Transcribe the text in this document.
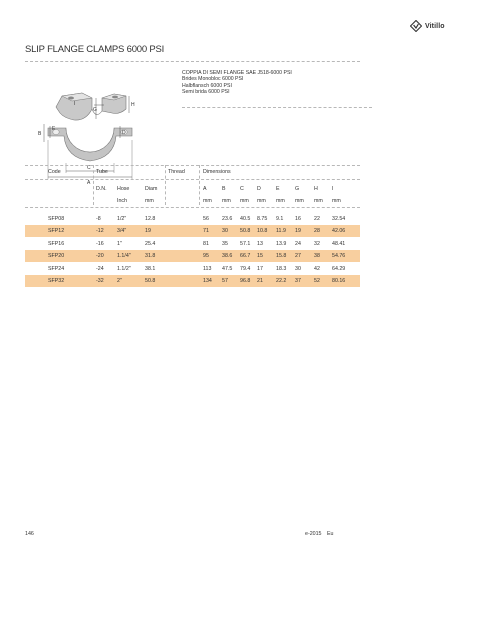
Vitillo
SLIP FLANGE CLAMPS 6000 PSI
COPPIA DI SEMI FLANGE SAE J518-6000 PSI
Brides Monobloc 6000 PSI
Halbflansch 6000 PSI
Semi brida 6000 PSI
I
G
H
E
B	D
C
A
Code	Tube	Thread	Dimensions
D.N. Hose	Diam	A	B	C D	E	G	H	I
Inch	mm	mm mm mm mm mm mm mm mm
SFP08	-8	1/2"	12.8	56 23.6 40.5 8.75 9.1 16 22 32.54
SFP12	-12	3/4"	19	71 30 50.8 10.8 11.9 19 28 42.06
SFP16	-16	1"	25.4	81 35 57.1 13 13.9 24 32 48.41
SFP20	-20	1.1/4"	31.8	95 38.6 66.7 15 15.8 27 38 54.76
SFP24	-24	1.1/2"	38.1	113 47.5 79.4 17 18.3 30 42 64.29
SFP32	-32	2"	50.8	134 57 96.8 21 22.2 37 52 80.16
146	e-2015 Eu
